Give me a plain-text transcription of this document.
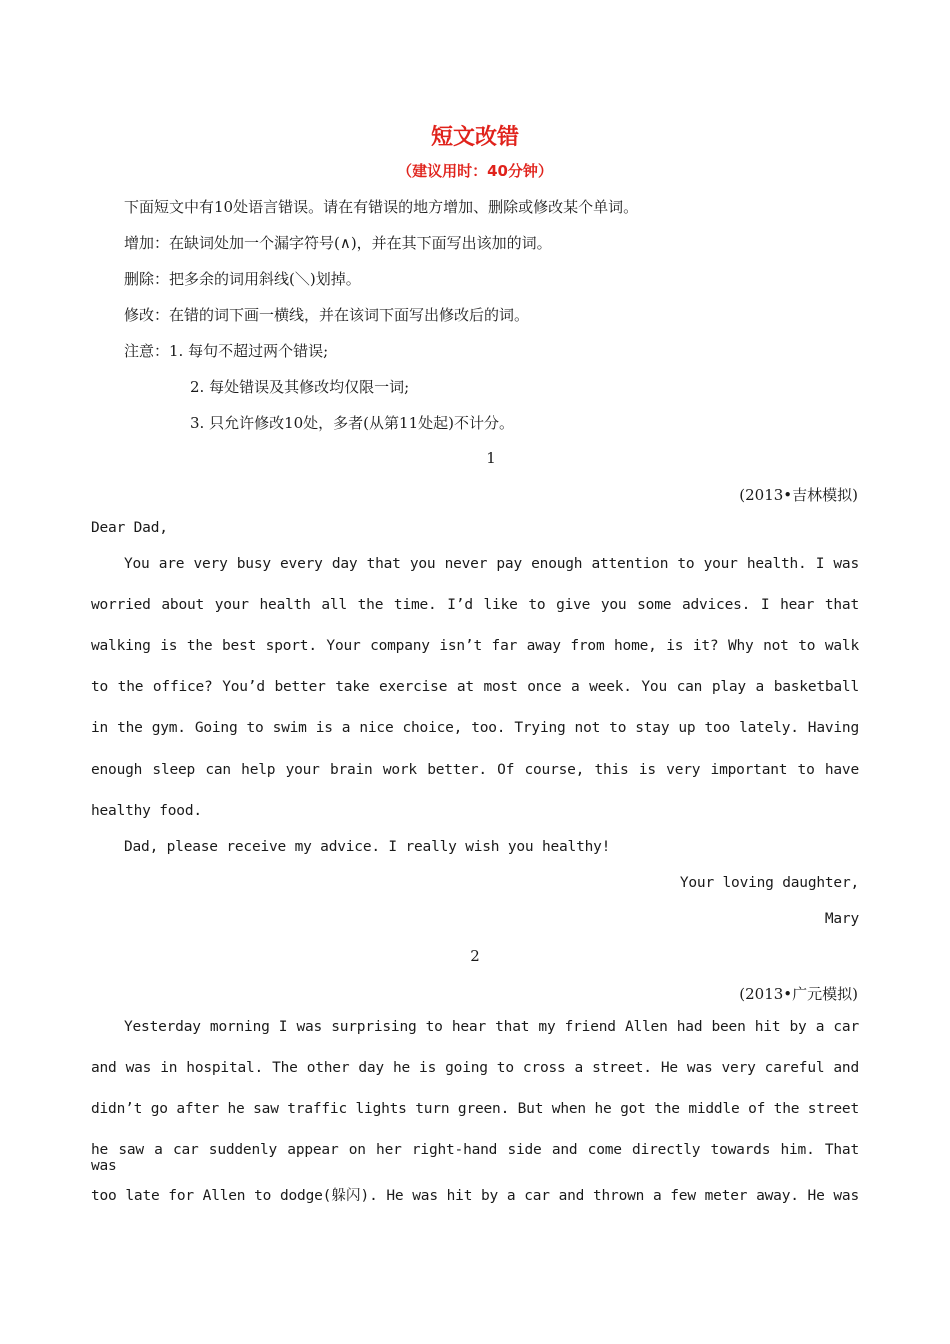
短文改错
（建议用时：40分钟）
下面短文中有10处语言错误。请在有错误的地方增加、删除或修改某个单词。
增加：在缺词处加一个漏字符号(∧)，并在其下面写出该加的词。
删除：把多余的词用斜线(＼)划掉。
修改：在错的词下画一横线，并在该词下面写出修改后的词。
注意：1. 每句不超过两个错误;
2. 每处错误及其修改均仅限一词;
3. 只允许修改10处，多者(从第11处起)不计分。
1
(2013•吉林模拟)
Dear Dad,
You are very busy every day that you never pay enough attention to your health. I was
worried about your health all the time. I’d like to give you some advices. I hear that
walking is the best sport. Your company isn’t far away from home, is it? Why not to walk
to the office? You’d better take exercise at most once a week. You can play a basketball
in the gym. Going to swim is a nice choice, too. Trying not to stay up too lately. Having
enough sleep can help your brain work better. Of course, this is very important to have
healthy food.
Dad, please receive my advice. I really wish you healthy!
Your loving daughter,
Mary
2
(2013•广元模拟)
Yesterday morning I was surprising to hear that my friend Allen had been hit by a car
and was in hospital. The other day he is going to cross a street. He was very careful and
didn’t go after he saw traffic lights turn green. But when he got the middle of the street
he saw a car suddenly appear on her right-hand side and come directly towards him. That was
too late for Allen to dodge(躲闪). He was hit by a car and thrown a few meter away. He was
